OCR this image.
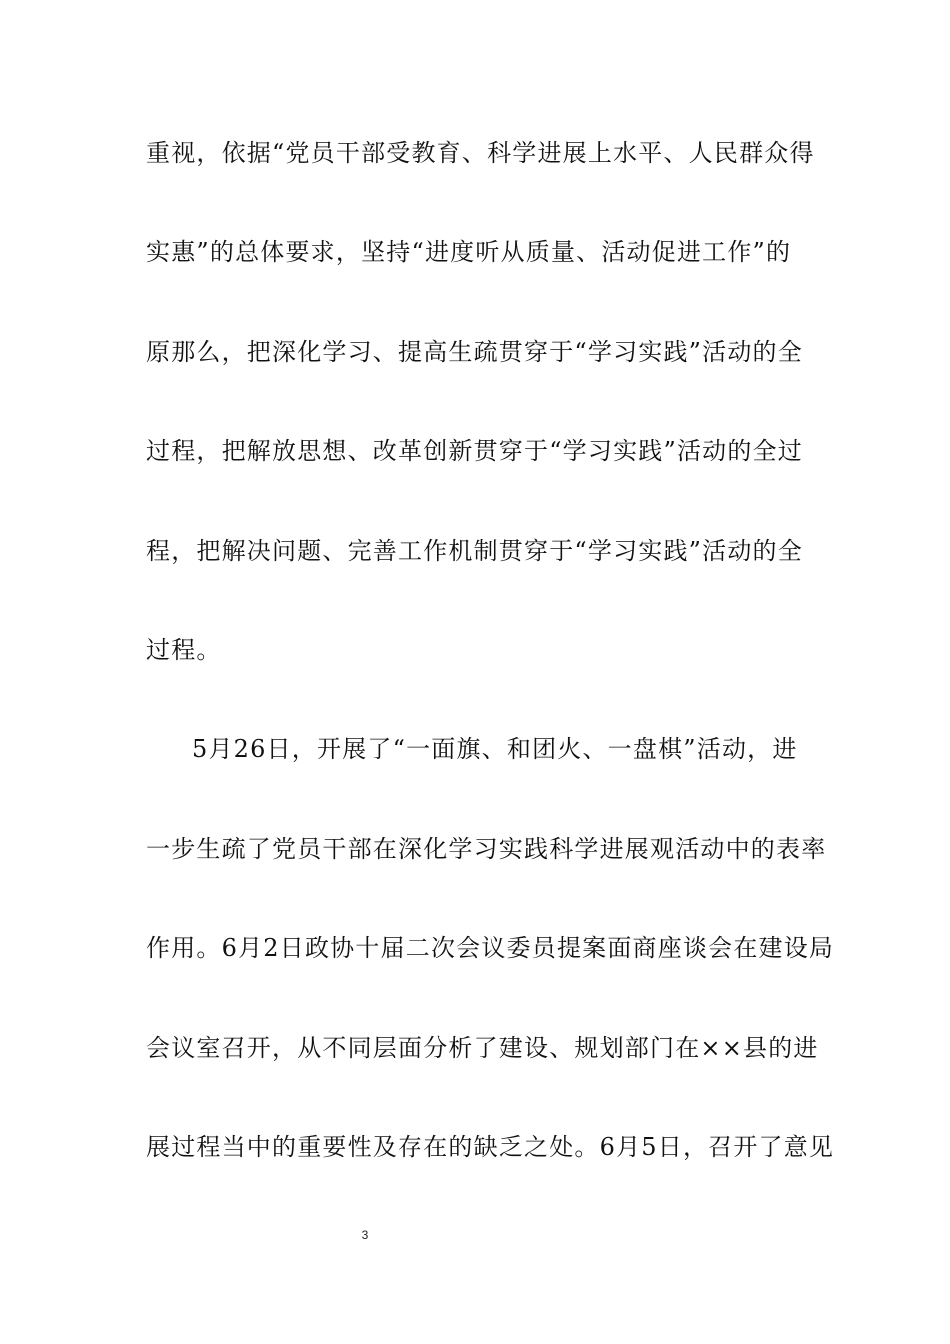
重视，依据“党员干部受教育、科学进展上水平、人民群众得
实惠”的总体要求，坚持“进度听从质量、活动促进工作”的
原那么，把深化学习、提高生疏贯穿于“学习实践”活动的全
过程，把解放思想、改革创新贯穿于“学习实践”活动的全过
程，把解决问题、完善工作机制贯穿于“学习实践”活动的全
过程。
5月26日，开展了“一面旗、和团火、一盘棋”活动，进
一步生疏了党员干部在深化学习实践科学进展观活动中的表率
作用。6月2日政协十届二次会议委员提案面商座谈会在建设局
会议室召开，从不同层面分析了建设、规划部门在××县的进
展过程当中的重要性及存在的缺乏之处。6月5日，召开了意见
3
